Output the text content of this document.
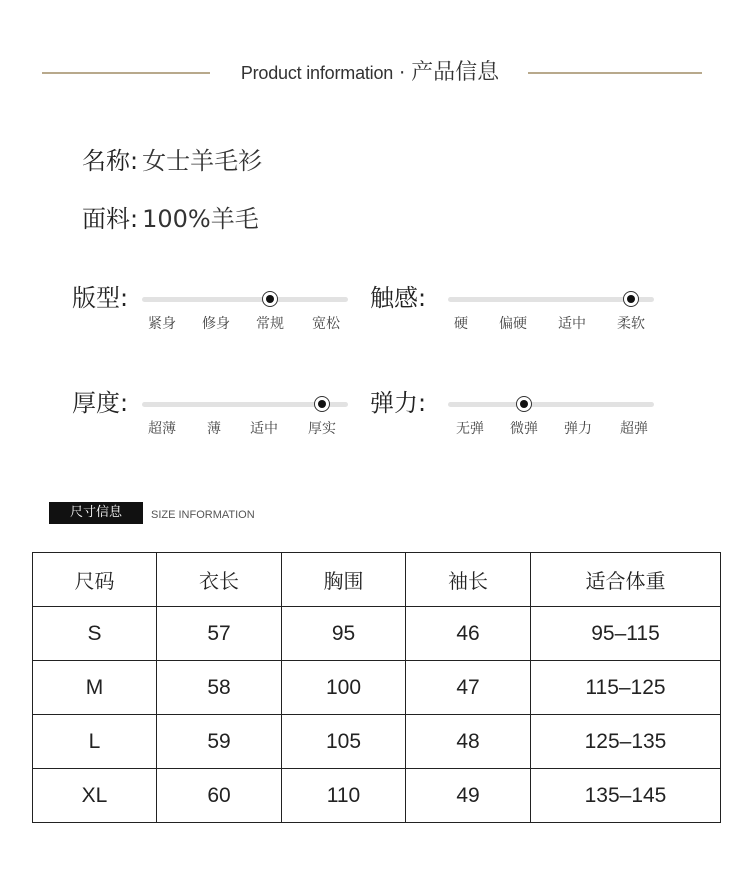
Product information · 产品信息
名称: 女士羊毛衫
面料: 100%羊毛
版型:
紧身 修身 常规 宽松
触感:
硬 偏硬 适中 柔软
厚度:
超薄 薄 适中 厚实
弹力:
无弹 微弹 弹力 超弹
尺寸信息	SIZE INFORMATION
尺码	衣长	胸围	袖长	适合体重
S	57	95	46	95–115
M	58	100	47	115–125
L	59	105	48	125–135
XL	60	110	49	135–145
